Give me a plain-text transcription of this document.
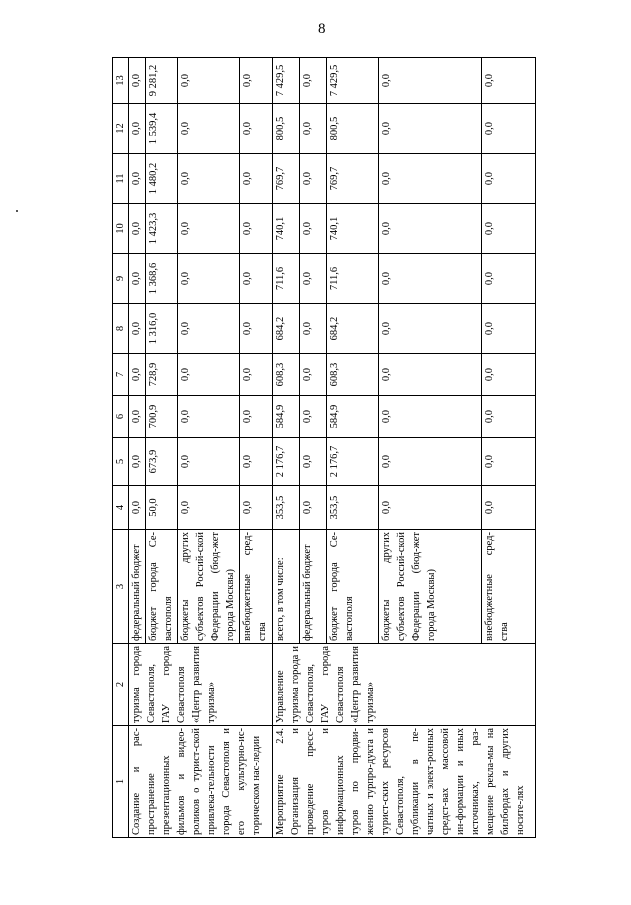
8
1	2	3	4	5	6	7	8	9	10	11	12	13
Создание и рас-пространение презентационных фильмов и видео-роликов о турист-ской привлека-тельности города Севастополя и его культурно-ис-торическом нас-ледии	туризма города Севастополя, ГАУ города Севастополя «Центр развития туризма»	федеральный бюджет	0,0	0,0	0,0	0,0	0,0	0,0	0,0	0,0	0,0	0,0
		бюджет города Се-вастополя	50,0	673,9	700,9	728,9	1 316,0	1 368,6	1 423,3	1 480,2	1 539,4	9 281,2
		бюджеты других субъектов Россий-ской Федерации (бюд-жет города Москвы)	0,0	0,0	0,0	0,0	0,0	0,0	0,0	0,0	0,0	0,0
		внебюджетные сред-ства	0,0	0,0	0,0	0,0	0,0	0,0	0,0	0,0	0,0	0,0
Мероприятие 2.4. Организация и проведение пресс-туров и информационных туров по продви-жению турпро-дукта и турист-ских ресурсов Севастополя, публикации в пе-чатных и элект-ронных средст-вах массовой ин-формации и иных источниках, раз-мещение рекла-мы на билбордах и других носите-лях	Управление туризма города и Севастополя, ГАУ города Севастополя «Центр развития туризма»	всего, в том числе:	353,5	2 176,7	584,9	608,3	684,2	711,6	740,1	769,7	800,5	7 429,5
		федеральный бюджет	0,0	0,0	0,0	0,0	0,0	0,0	0,0	0,0	0,0	0,0
		бюджет города Се-вастополя	353,5	2 176,7	584,9	608,3	684,2	711,6	740,1	769,7	800,5	7 429,5
		бюджеты других субъектов Россий-ской Федерации (бюд-жет города Москвы)	0,0	0,0	0,0	0,0	0,0	0,0	0,0	0,0	0,0	0,0
		внебюджетные сред-ства	0,0	0,0	0,0	0,0	0,0	0,0	0,0	0,0	0,0	0,0
